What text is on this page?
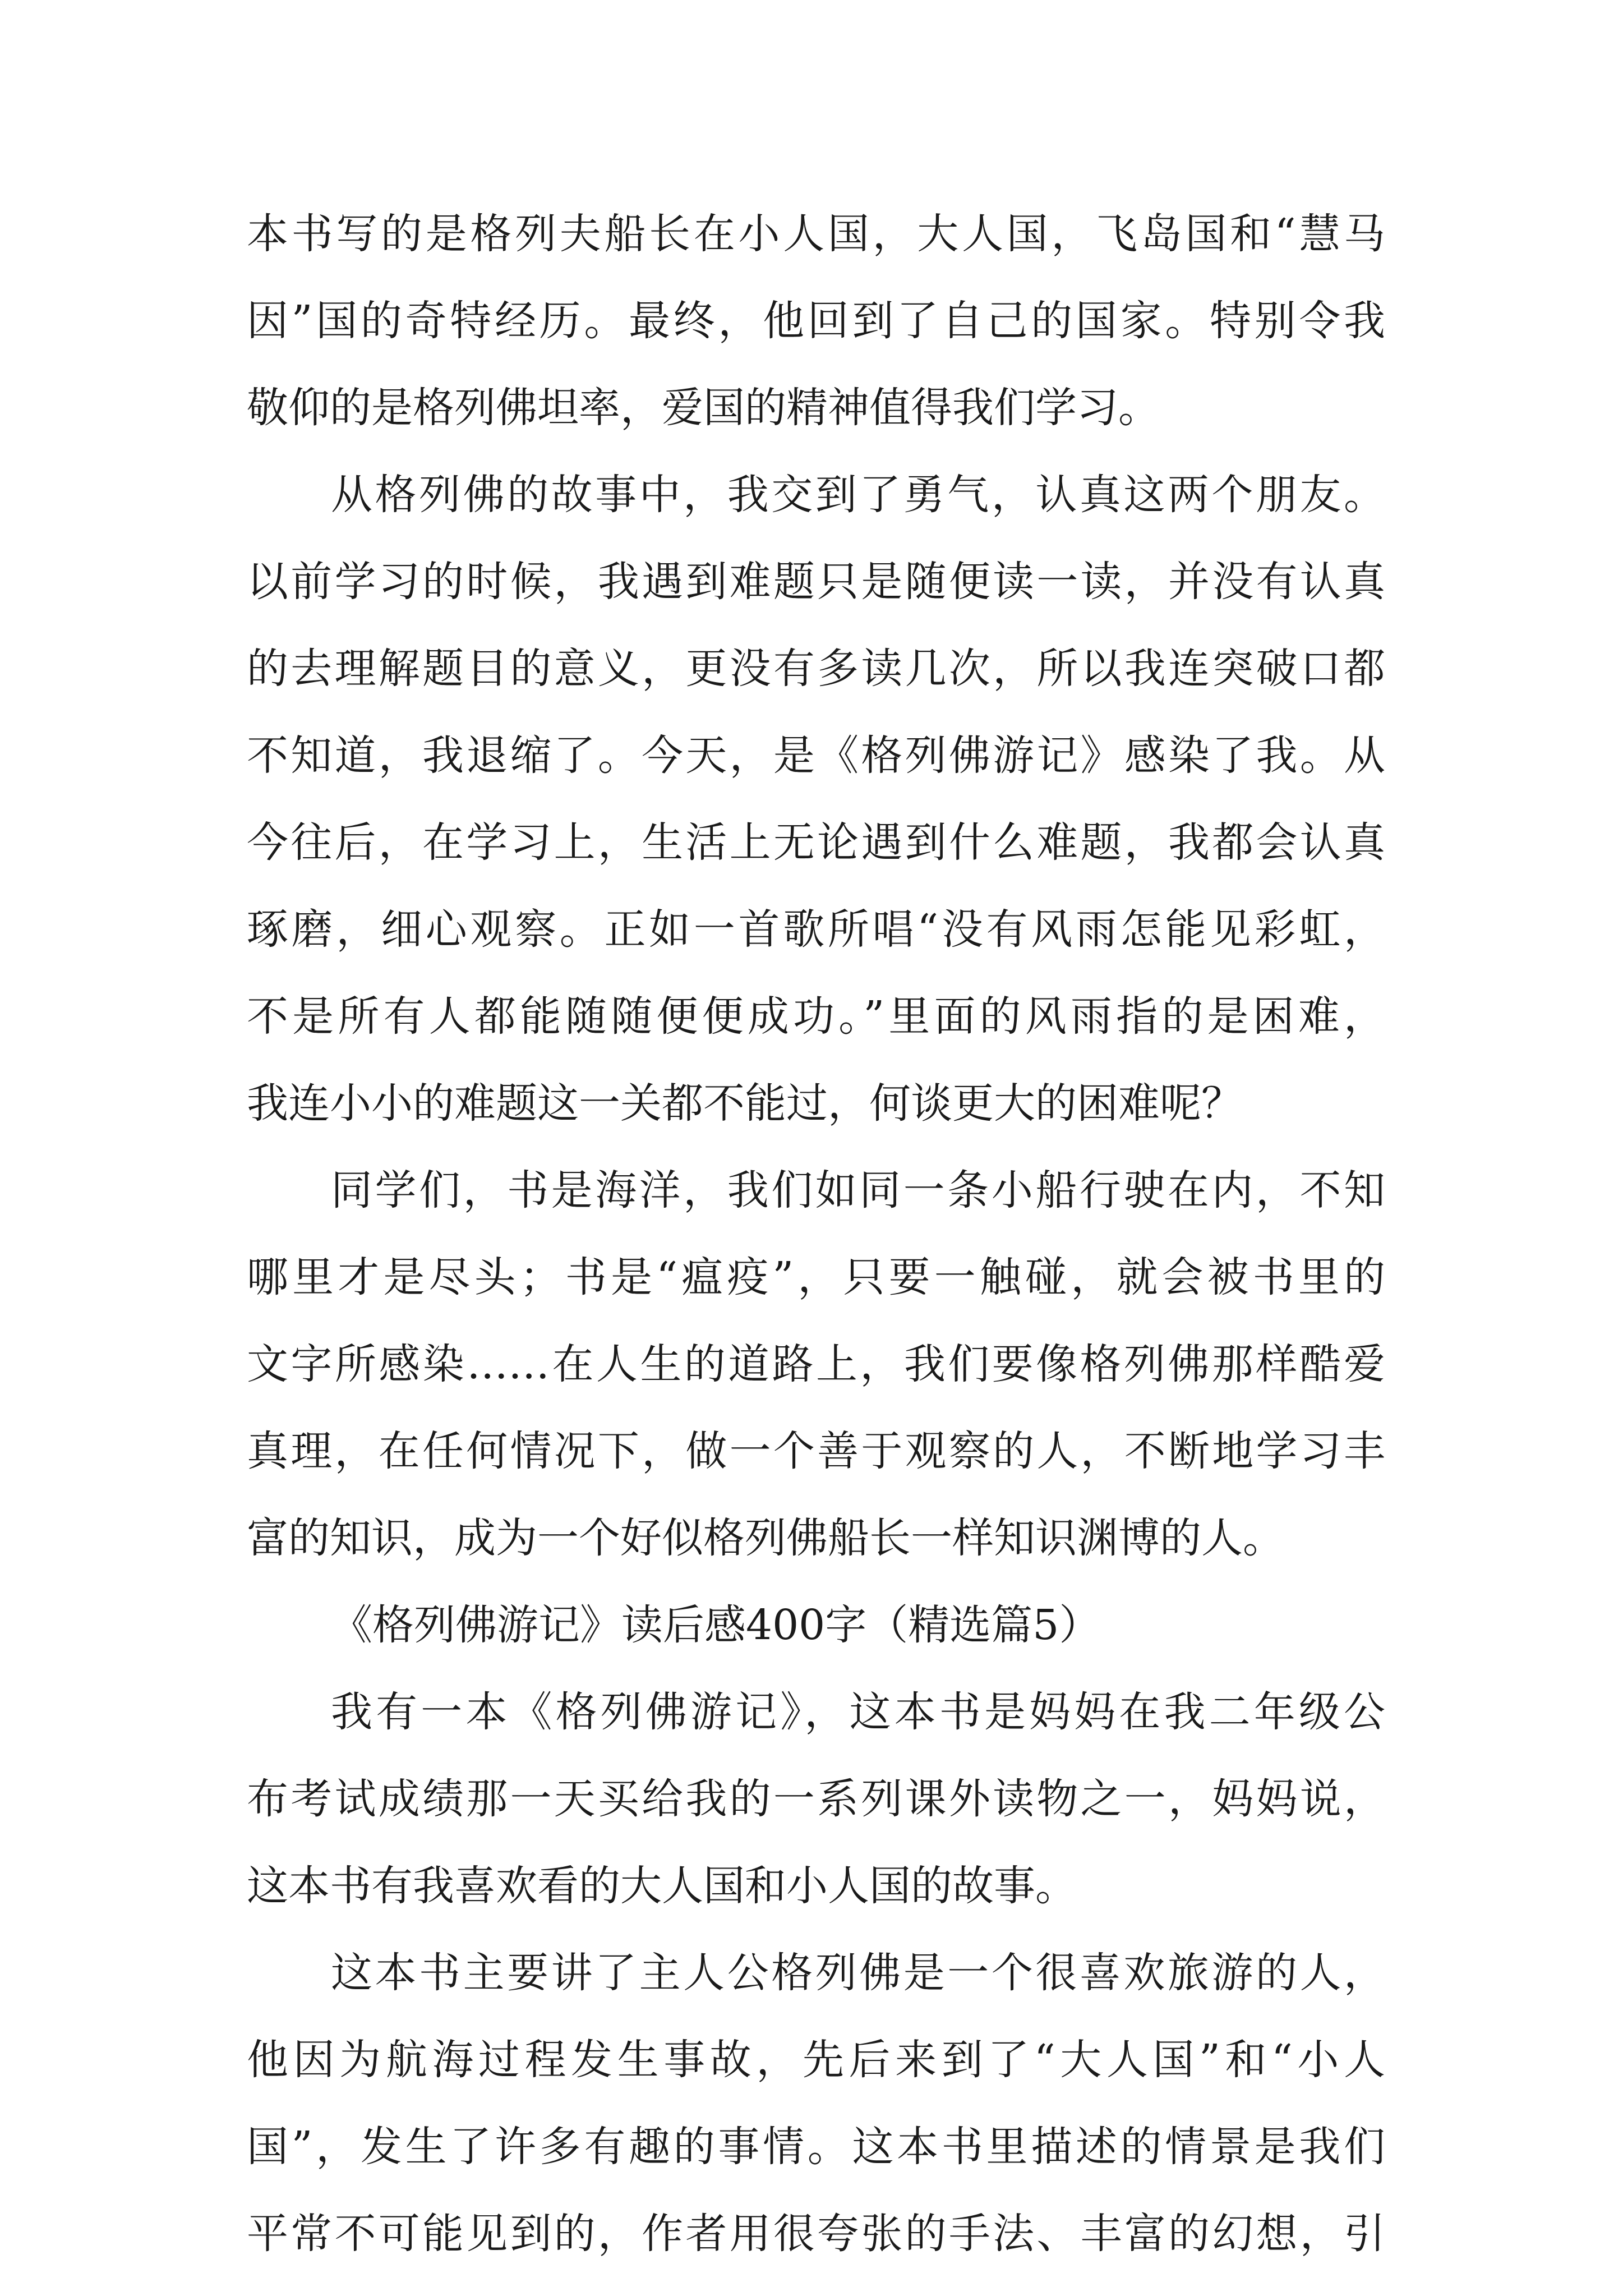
本书写的是格列夫船长在小人国，大人国，飞岛国和“慧马
因”国的奇特经历。最终，他回到了自己的国家。特别令我
敬仰的是格列佛坦率，爱国的精神值得我们学习。
从格列佛的故事中，我交到了勇气，认真这两个朋友。
以前学习的时候，我遇到难题只是随便读一读，并没有认真
的去理解题目的意义，更没有多读几次，所以我连突破口都
不知道，我退缩了。今天，是《格列佛游记》感染了我。从
今往后，在学习上，生活上无论遇到什么难题，我都会认真
琢磨，细心观察。正如一首歌所唱“没有风雨怎能见彩虹，
不是所有人都能随随便便成功。”里面的风雨指的是困难，
我连小小的难题这一关都不能过，何谈更大的困难呢？
同学们，书是海洋，我们如同一条小船行驶在内，不知
哪里才是尽头；书是“瘟疫”，只要一触碰，就会被书里的
文字所感染……在人生的道路上，我们要像格列佛那样酷爱
真理，在任何情况下，做一个善于观察的人，不断地学习丰
富的知识，成为一个好似格列佛船长一样知识渊博的人。
《格列佛游记》读后感400字（精选篇5）
我有一本《格列佛游记》，这本书是妈妈在我二年级公
布考试成绩那一天买给我的一系列课外读物之一，妈妈说，
这本书有我喜欢看的大人国和小人国的故事。
这本书主要讲了主人公格列佛是一个很喜欢旅游的人，
他因为航海过程发生事故，先后来到了“大人国”和“小人
国”，发生了许多有趣的事情。这本书里描述的情景是我们
平常不可能见到的，作者用很夸张的手法、丰富的幻想，引
